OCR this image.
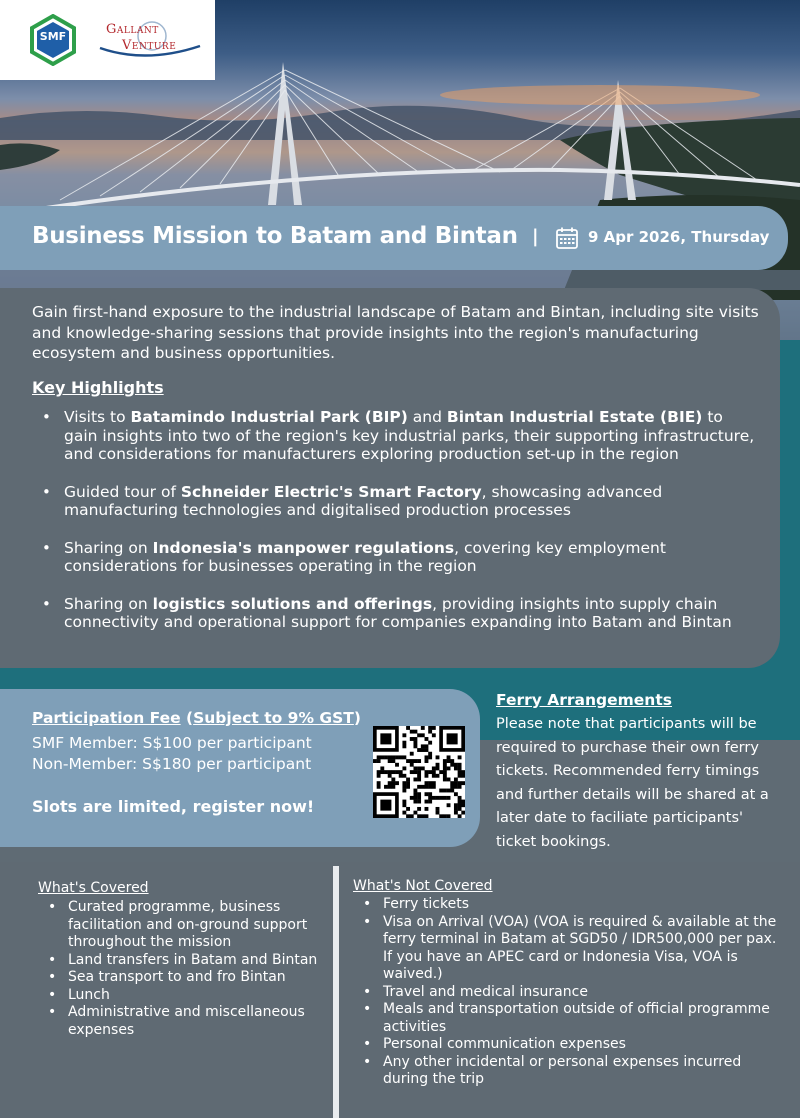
SMF	Gallant
Venture
Business Mission to Batam and Bintan |	9 Apr 2026, Thursday
Gain first-hand exposure to the industrial landscape of Batam and Bintan, including site visits and knowledge-sharing sessions that provide insights into the region's manufacturing ecosystem and business opportunities.
Key Highlights
• Visits to Batamindo Industrial Park (BIP) and Bintan Industrial Estate (BIE) to gain insights into two of the region's key industrial parks, their supporting infrastructure, and considerations for manufacturers exploring production set-up in the region
• Guided tour of Schneider Electric's Smart Factory, showcasing advanced manufacturing technologies and digitalised production processes
• Sharing on Indonesia's manpower regulations, covering key employment considerations for businesses operating in the region
• Sharing on logistics solutions and offerings, providing insights into supply chain connectivity and operational support for companies expanding into Batam and Bintan
Participation Fee (Subject to 9% GST)
SMF Member: S$100 per participant
Non-Member: S$180 per participant
Slots are limited, register now!
Ferry Arrangements
Please note that participants will be required to purchase their own ferry tickets. Recommended ferry timings and further details will be shared at a later date to faciliate participants' ticket bookings.
What's Covered
• Curated programme, business facilitation and on-ground support throughout the mission
• Land transfers in Batam and Bintan
• Sea transport to and fro Bintan
• Lunch
• Administrative and miscellaneous expenses
What's Not Covered
• Ferry tickets
• Visa on Arrival (VOA) (VOA is required & available at the ferry terminal in Batam at SGD50 / IDR500,000 per pax. If you have an APEC card or Indonesia Visa, VOA is waived.)
• Travel and medical insurance
• Meals and transportation outside of official programme activities
• Personal communication expenses
• Any other incidental or personal expenses incurred during the trip
